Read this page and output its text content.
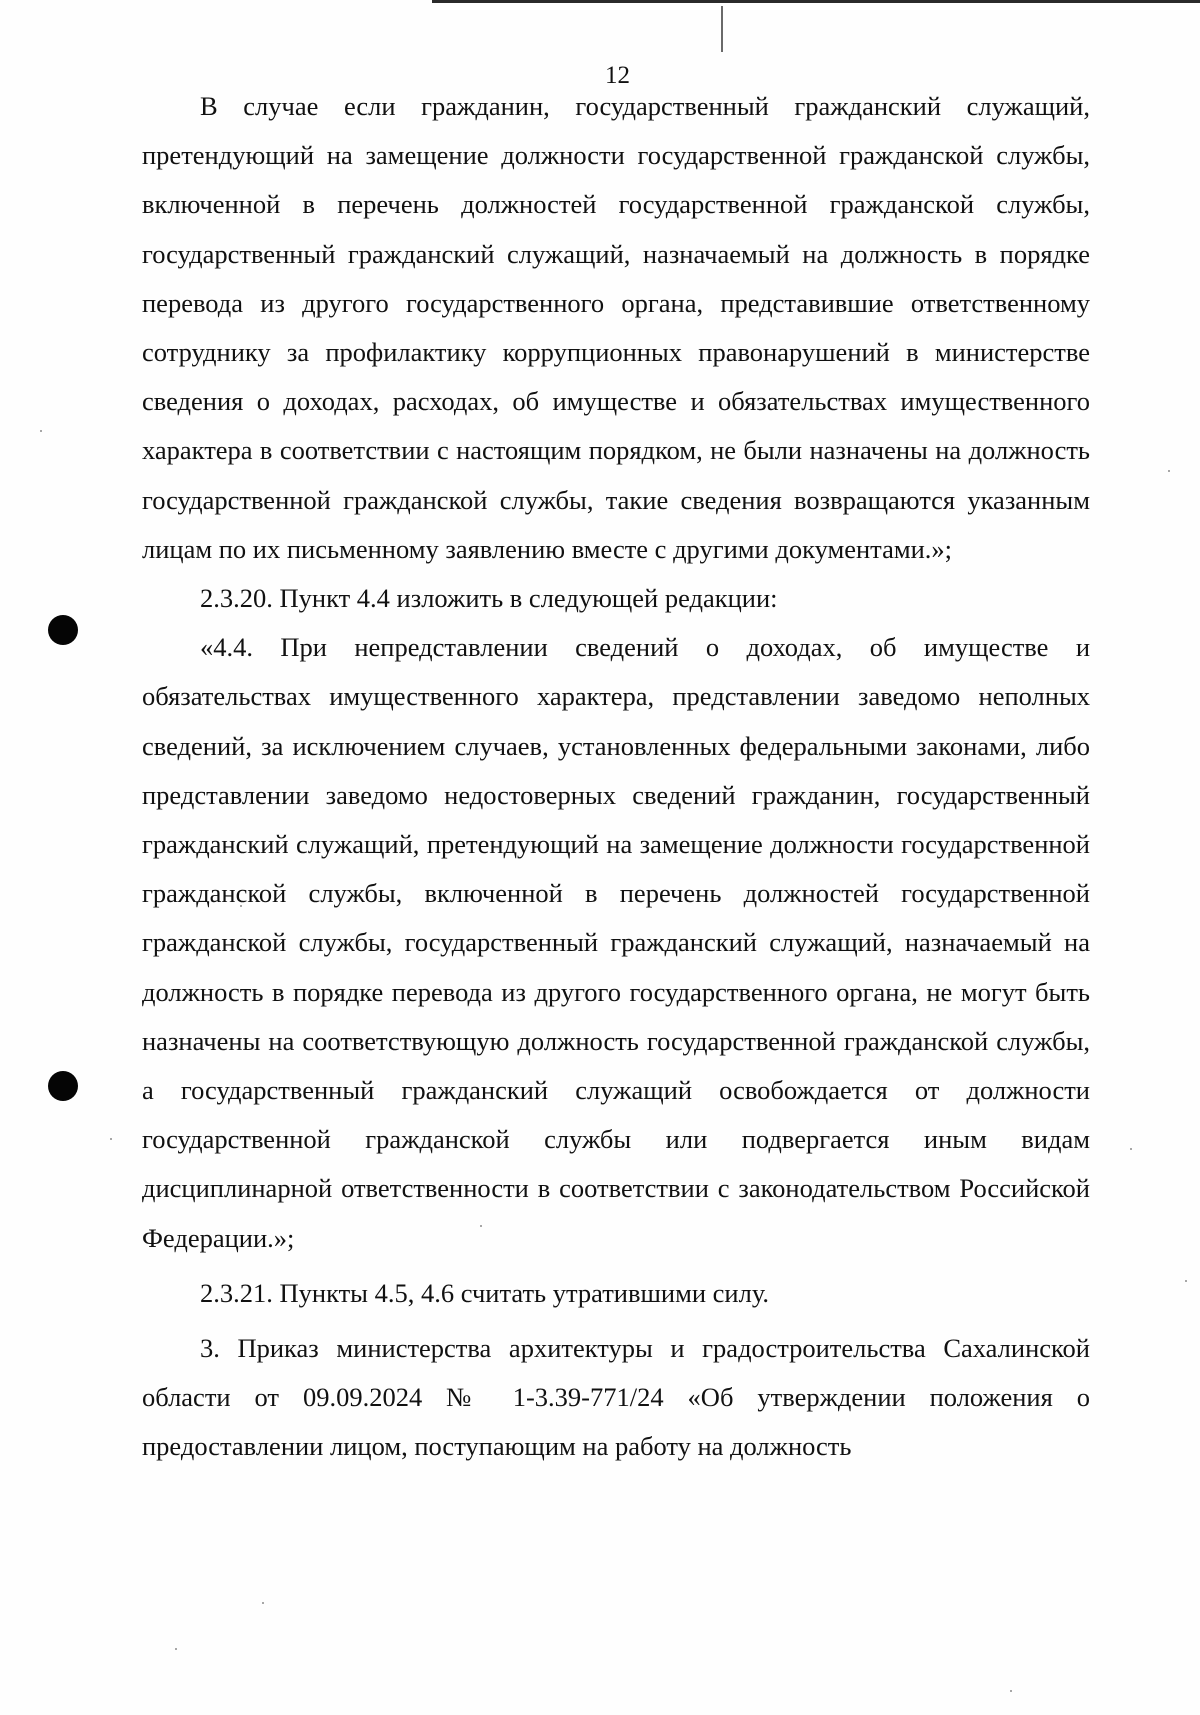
12

В случае если гражданин, государственный гражданский служащий, претендующий на замещение должности государственной гражданской службы, включенной в перечень должностей государственной гражданской службы, государственный гражданский служащий, назначаемый на должность в порядке перевода из другого государственного органа, представившие ответственному сотруднику за профилактику коррупционных правонарушений в министерстве сведения о доходах, расходах, об имуществе и обязательствах имущественного характера в соответствии с настоящим порядком, не были назначены на должность государственной гражданской службы, такие сведения возвращаются указанным лицам по их письменному заявлению вместе с другими документами.»;

2.3.20. Пункт 4.4 изложить в следующей редакции:

«4.4. При непредставлении сведений о доходах, об имуществе и обязательствах имущественного характера, представлении заведомо неполных сведений, за исключением случаев, установленных федеральными законами, либо представлении заведомо недостоверных сведений гражданин, государственный гражданский служащий, претендующий на замещение должности государственной гражданской службы, включенной в перечень должностей государственной гражданской службы, государственный гражданский служащий, назначаемый на должность в порядке перевода из другого государственного органа, не могут быть назначены на соответствующую должность государственной гражданской службы, а государственный гражданский служащий освобождается от должности государственной гражданской службы или подвергается иным видам дисциплинарной ответственности в соответствии с законодательством Российской Федерации.»;

2.3.21. Пункты 4.5, 4.6 считать утратившими силу.

3. Приказ министерства архитектуры и градостроительства Сахалинской области от 09.09.2024 № 1-3.39-771/24 «Об утверждении положения о предоставлении лицом, поступающим на работу на должность
